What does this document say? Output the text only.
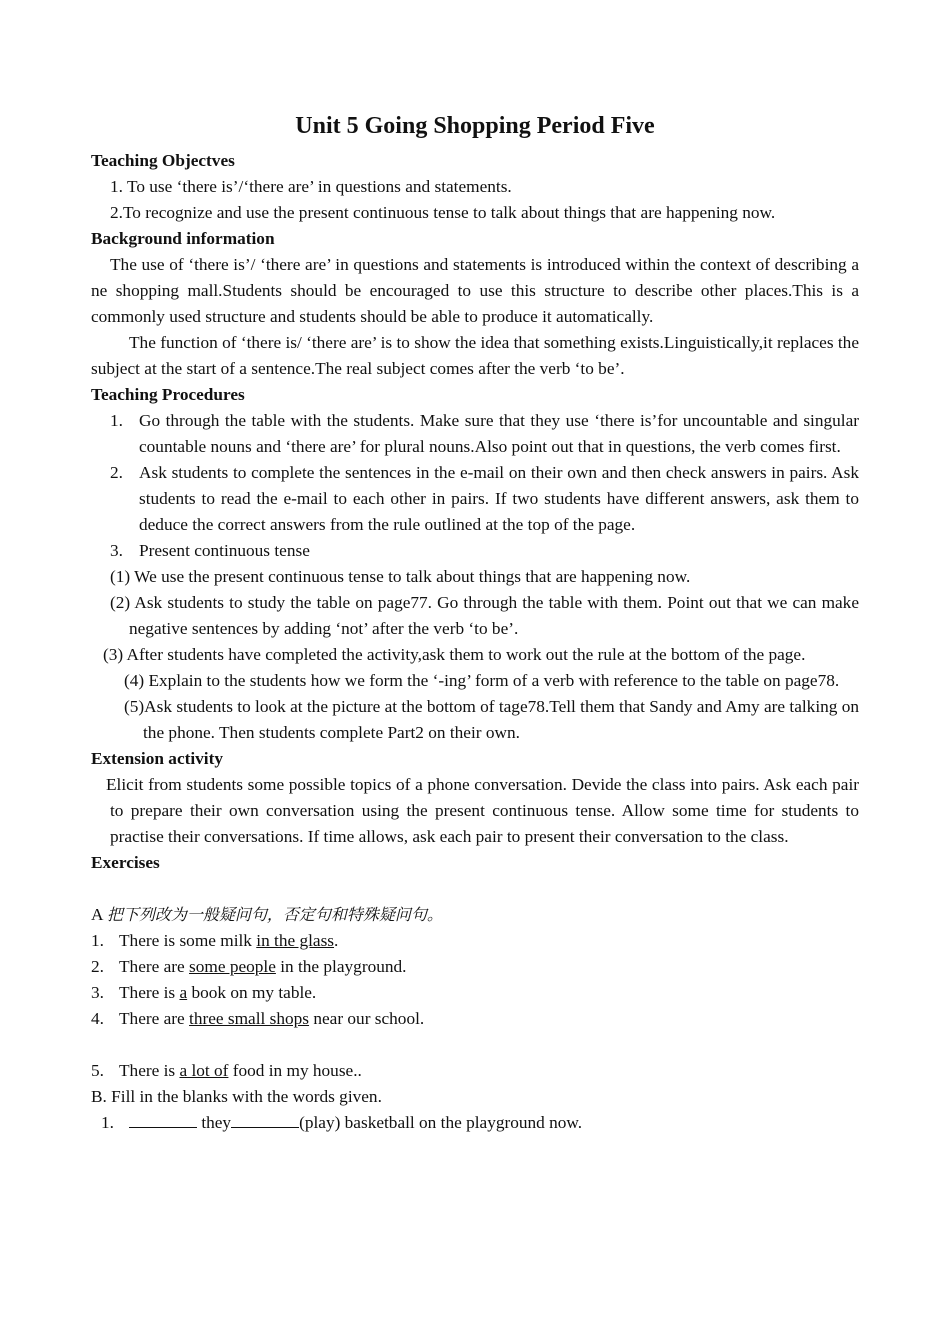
Unit 5 Going Shopping Period Five
Teaching Objectves
1. To use ‘there is’/‘there are’ in questions and statements.
2.To recognize and use the present continuous tense to talk about things that are happening now.
Background information
The use of ‘there is’/ ‘there are’ in questions and statements is introduced within the context of describing a ne shopping mall.Students should be encouraged to use this structure to describe other places.This is a commonly used structure and students should be able to produce it automatically.
The function of ‘there is/ ‘there are’ is to show the idea that something exists.Linguistically,it replaces the subject at the start of a sentence.The real subject comes after the verb ‘to be’.
Teaching Procedures
1. Go through the table with the students. Make sure that they use ‘there is’for uncountable and singular countable nouns and ‘there are’ for plural nouns.Also point out that in questions, the verb comes first.
2. Ask students to complete the sentences in the e-mail on their own and then check answers in pairs. Ask students to read the e-mail to each other in pairs. If two students have different answers, ask them to deduce the correct answers from the rule outlined at the top of the page.
3. Present continuous tense
(1) We use the present continuous tense to talk about things that are happening now.
(2) Ask students to study the table on page77. Go through the table with them. Point out that we can make negative sentences by adding ‘not’ after the verb ‘to be’.
(3) After students have completed the activity,ask them to work out the rule at the bottom of the page.
(4) Explain to the students how we form the ‘-ing’ form of a verb with reference to the table on page78.
(5)Ask students to look at the picture at the bottom of tage78.Tell them that Sandy and Amy are talking on the phone. Then students complete Part2 on their own.
Extension activity
Elicit from students some possible topics of a phone conversation. Devide the class into pairs. Ask each pair to prepare their own conversation using the present continuous tense. Allow some time for students to practise their conversations. If time allows, ask each pair to present their conversation to the class.
Exercises
A 把下列改为一般疑问句，否定句和特殊疑问句。
1. There is some milk in the glass.
2. There are some people in the playground.
3. There is a book on my table.
4. There are three small shops near our school.
5. There is a lot of food in my house..
B. Fill in the blanks with the words given.
1.	they	(play) basketball on the playground now.
